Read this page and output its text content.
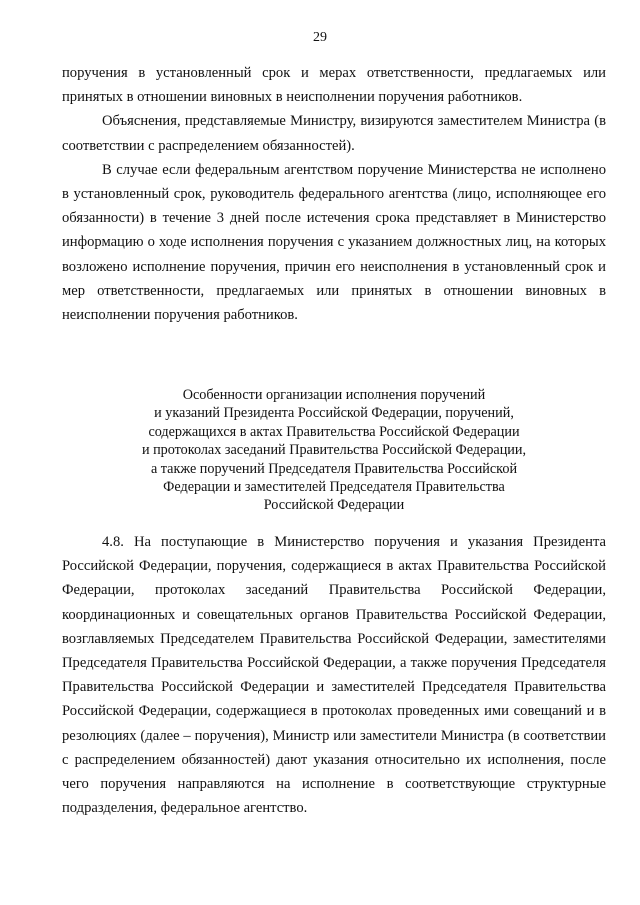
29

поручения в установленный срок и мерах ответственности, предлагаемых или принятых в отношении виновных в неисполнении поручения работников.

Объяснения, представляемые Министру, визируются заместителем Министра (в соответствии с распределением обязанностей).

В случае если федеральным агентством поручение Министерства не исполнено в установленный срок, руководитель федерального агентства (лицо, исполняющее его обязанности) в течение 3 дней после истечения срока представляет в Министерство информацию о ходе исполнения поручения с указанием должностных лиц, на которых возложено исполнение поручения, причин его неисполнения в установленный срок и мер ответственности, предлагаемых или принятых в отношении виновных в неисполнении поручения работников.

Особенности организации исполнения поручений
и указаний Президента Российской Федерации, поручений,
содержащихся в актах Правительства Российской Федерации
и протоколах заседаний Правительства Российской Федерации,
а также поручений Председателя Правительства Российской
Федерации и заместителей Председателя Правительства
Российской Федерации

4.8. На поступающие в Министерство поручения и указания Президента Российской Федерации, поручения, содержащиеся в актах Правительства Российской Федерации, протоколах заседаний Правительства Российской Федерации, координационных и совещательных органов Правительства Российской Федерации, возглавляемых Председателем Правительства Российской Федерации, заместителями Председателя Правительства Российской Федерации, а также поручения Председателя Правительства Российской Федерации и заместителей Председателя Правительства Российской Федерации, содержащиеся в протоколах проведенных ими совещаний и в резолюциях (далее – поручения), Министр или заместители Министра (в соответствии с распределением обязанностей) дают указания относительно их исполнения, после чего поручения направляются на исполнение в соответствующие структурные подразделения, федеральное агентство.
